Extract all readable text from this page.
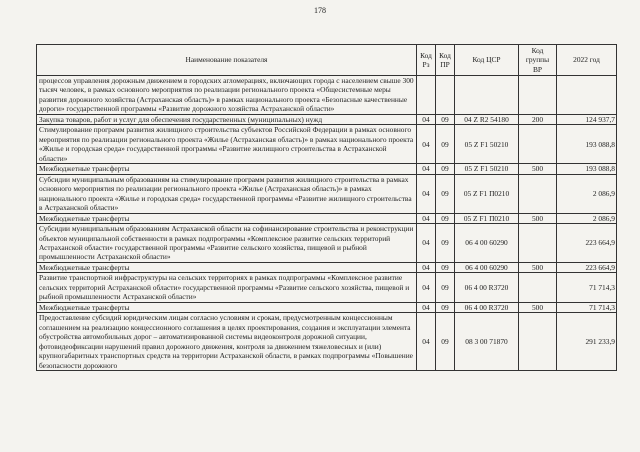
178
Наименование показателя	Код Рз	Код ПР	Код ЦСР	Код группы ВР	2022 год
процессов управления дорожным движением в городских агломерациях, включающих города с населением свыше 300 тысяч человек, в рамках основного мероприятия по реализации регионального проекта «Общесистемные меры развития дорожного хозяйства (Астраханская область)» в рамках национального проекта «Безопасные качественные дороги» государственной программы «Развитие дорожного хозяйства Астраханской области»					
Закупка товаров, работ и услуг для обеспечения государственных (муниципальных) нужд	04	09	04 Z R2 54180	200	124 937,7
Стимулирование программ развития жилищного строительства субъектов Российской Федерации в рамках основного мероприятия по реализации регионального проекта «Жилье (Астраханская область)» в рамках национального проекта «Жилье и городская среда» государственной программы «Развитие жилищного строительства в Астраханской области»	04	09	05 Z F1 50210		193 088,8
Межбюджетные трансферты	04	09	05 Z F1 50210	500	193 088,8
Субсидии муниципальным образованиям на стимулирование программ развития жилищного строительства в рамках основного мероприятия по реализации регионального проекта «Жилье (Астраханская область)» в рамках национального проекта «Жилье и городская среда» государственной программы «Развитие жилищного строительства в Астраханской области»	04	09	05 Z F1 П0210		2 086,9
Межбюджетные трансферты	04	09	05 Z F1 П0210	500	2 086,9
Субсидии муниципальным образованиям Астраханской области на софинансирование строительства и реконструкции объектов муниципальной собственности в рамках подпрограммы «Комплексное развитие сельских территорий Астраханской области» государственной программы «Развитие сельского хозяйства, пищевой и рыбной промышленности Астраханской области»	04	09	06 4 00 60290		223 664,9
Межбюджетные трансферты	04	09	06 4 00 60290	500	223 664,9
Развитие транспортной инфраструктуры на сельских территориях в рамках подпрограммы «Комплексное развитие сельских территорий Астраханской области» государственной программы «Развитие сельского хозяйства, пищевой и рыбной промышленности Астраханской области»	04	09	06 4 00 R3720		71 714,3
Межбюджетные трансферты	04	09	06 4 00 R3720	500	71 714,3
Предоставление субсидий юридическим лицам согласно условиям и срокам, предусмотренным концессионным соглашением на реализацию концессионного соглашения в целях проектирования, создания и эксплуатации элемента обустройства автомобильных дорог – автоматизированной системы видеоконтроля дорожной ситуации, фотовидеофиксации нарушений правил дорожного движения, контроля за движением тяжеловесных и (или) крупногабаритных транспортных средств на территории Астраханской области, в рамках подпрограммы «Повышение безопасности дорожного	04	09	08 3 00 71870		291 233,9
